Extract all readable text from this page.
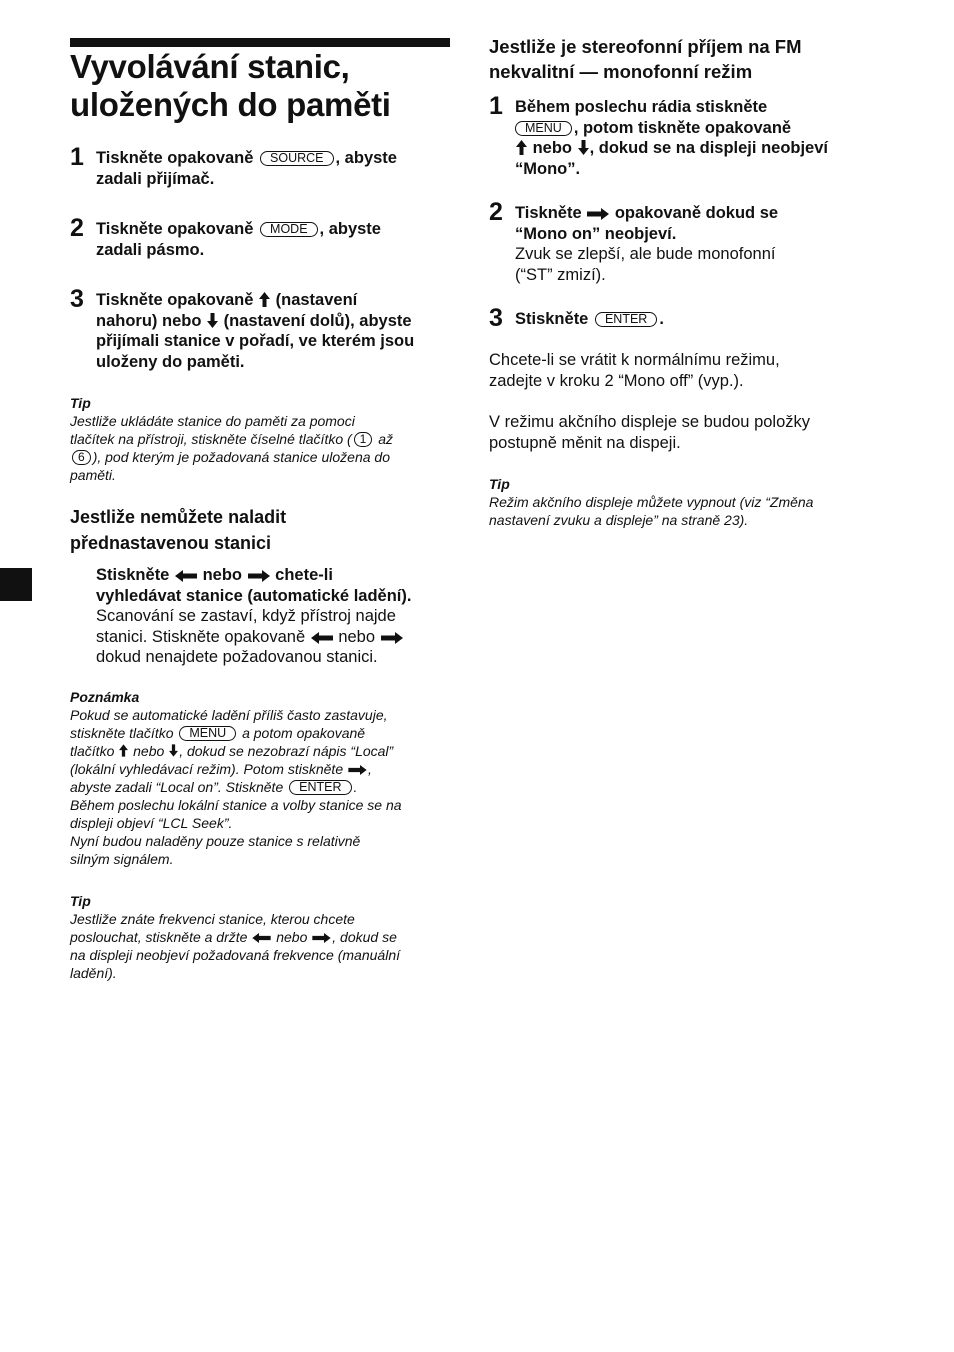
Vyvolávání stanic,
uložených do paměti
1 Tiskněte opakovaně SOURCE , abyste
zadali přijímač.
2 Tiskněte opakovaně MODE , abyste
zadali pásmo.
3 Tiskněte opakovaně (nastavení
nahoru) nebo (nastavení dolů), abyste
přijímali stanice v pořadí, ve kterém jsou
uloženy do paměti.
Tip
Jestliže ukládáte stanice do paměti za pomoci
tlačítek na přístroji, stiskněte číselné tlačítko ( 1 až
6 ), pod kterým je požadovaná stanice uložena do
paměti.
Jestliže nemůžete naladit
přednastavenou stanici
Stiskněte nebo chete-li
vyhledávat stanice (automatické ladění).
Scanování se zastaví, když přístroj najde
stanici. Stiskněte opakovaně nebo
dokud nenajdete požadovanou stanici.
Poznámka
Pokud se automatické ladění příliš často zastavuje,
stiskněte tlačítko MENU a potom opakovaně
tlačítko nebo , dokud se nezobrazí nápis “Local”
(lokální vyhledávací režim). Potom stiskněte ,
abyste zadali “Local on”. Stiskněte ENTER .
Během poslechu lokální stanice a volby stanice se na
displeji objeví “LCL Seek”.
Nyní budou naladěny pouze stanice s relativně
silným signálem.
Tip
Jestliže znáte frekvenci stanice, kterou chcete
poslouchat, stiskněte a držte nebo , dokud se
na displeji neobjeví požadovaná frekvence (manuální
ladění).
Jestliže je stereofonní příjem na FM
nekvalitní — monofonní režim
1 Během poslechu rádia stiskněte
MENU , potom tiskněte opakovaně
nebo , dokud se na displeji neobjeví
“Mono”.
2 Tiskněte opakovaně dokud se
“Mono on” neobjeví.
Zvuk se zlepší, ale bude monofonní
(“ST” zmizí).
3 Stiskněte ENTER .
Chcete-li se vrátit k normálnímu režimu,
zadejte v kroku 2 “Mono off” (vyp.).
V režimu akčního displeje se budou položky
postupně měnit na dispeji.
Tip
Režim akčního displeje můžete vypnout (viz “Změna
nastavení zvuku a displeje” na straně 23).
